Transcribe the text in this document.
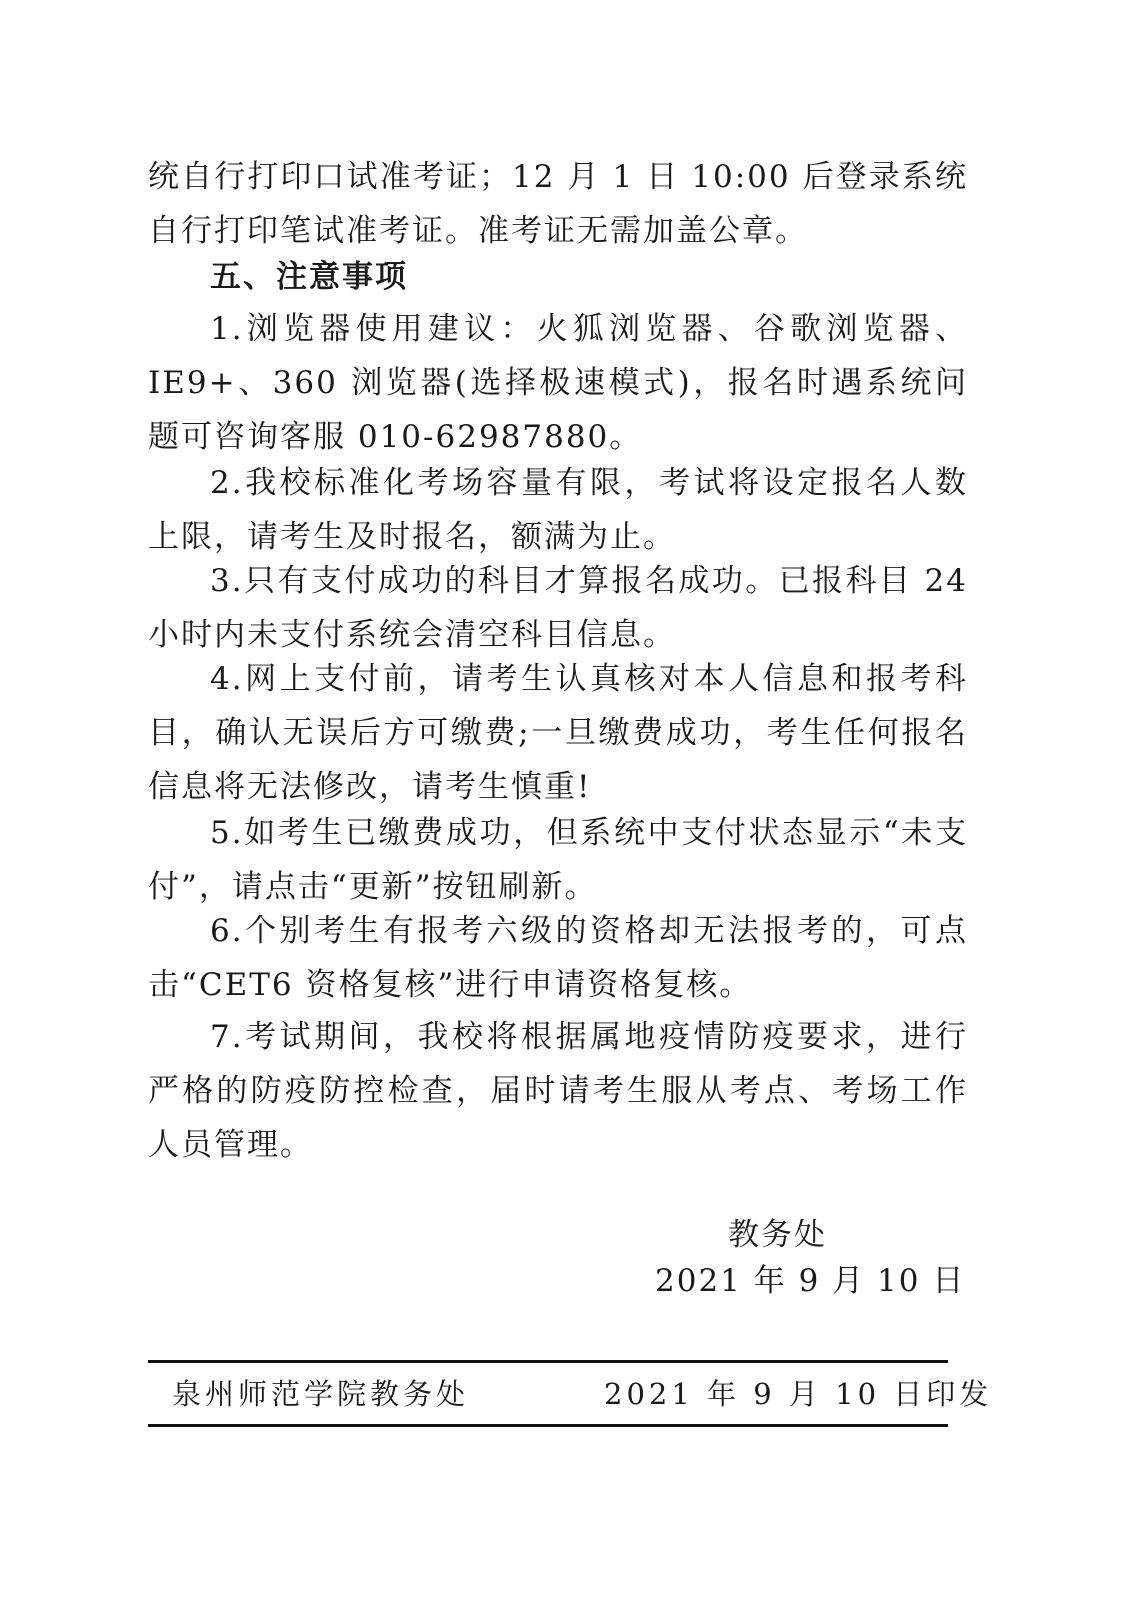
统自行打印口试准考证；12 月 1 日 10:00 后登录系统自行打印笔试准考证。准考证无需加盖公章。

五、注意事项

1.浏览器使用建议：火狐浏览器、谷歌浏览器、IE9+、360 浏览器(选择极速模式)，报名时遇系统问题可咨询客服 010-62987880。

2.我校标准化考场容量有限，考试将设定报名人数上限，请考生及时报名，额满为止。

3.只有支付成功的科目才算报名成功。已报科目 24 小时内未支付系统会清空科目信息。

4.网上支付前，请考生认真核对本人信息和报考科目，确认无误后方可缴费;一旦缴费成功，考生任何报名信息将无法修改，请考生慎重!

5.如考生已缴费成功，但系统中支付状态显示“未支付”，请点击“更新”按钮刷新。

6.个别考生有报考六级的资格却无法报考的，可点击“CET6 资格复核”进行申请资格复核。

7.考试期间，我校将根据属地疫情防疫要求，进行严格的防疫防控检查，届时请考生服从考点、考场工作人员管理。

教务处

2021 年 9 月 10 日

泉州师范学院教务处	2021 年 9 月 10 日印发
